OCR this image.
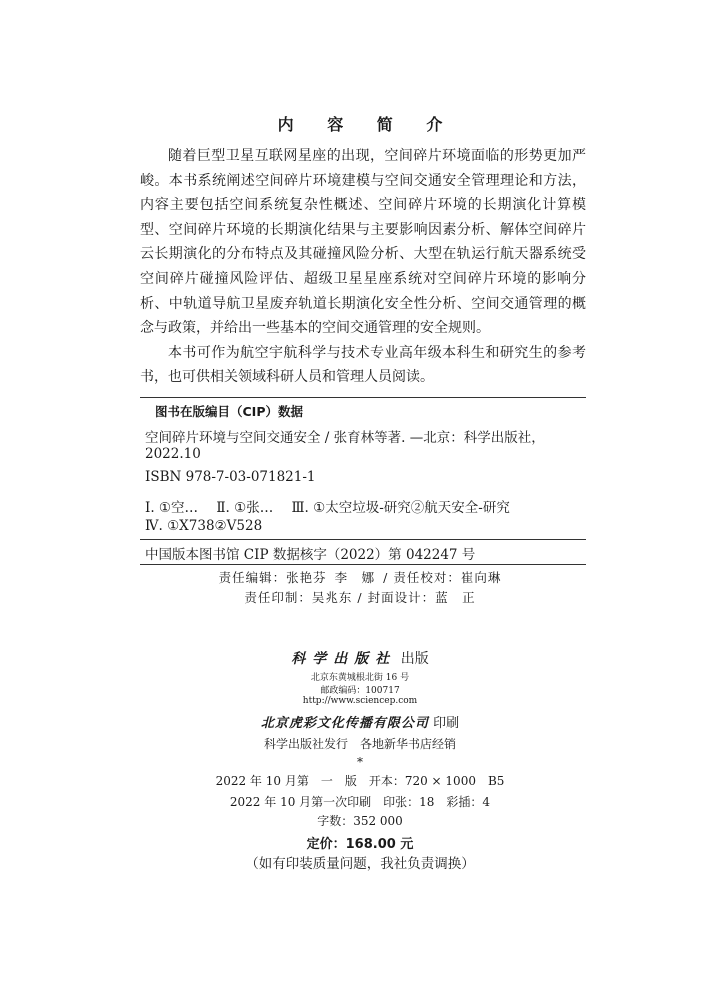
内 容 简 介

随着巨型卫星互联网星座的出现，空间碎片环境面临的形势更加严峻。本书系统阐述空间碎片环境建模与空间交通安全管理理论和方法，内容主要包括空间系统复杂性概述、空间碎片环境的长期演化计算模型、空间碎片环境的长期演化结果与主要影响因素分析、解体空间碎片云长期演化的分布特点及其碰撞风险分析、大型在轨运行航天器系统受空间碎片碰撞风险评估、超级卫星星座系统对空间碎片环境的影响分析、中轨道导航卫星废弃轨道长期演化安全性分析、空间交通管理的概念与政策，并给出一些基本的空间交通管理的安全规则。

本书可作为航空宇航科学与技术专业高年级本科生和研究生的参考书，也可供相关领域科研人员和管理人员阅读。

图书在版编目（CIP）数据
空间碎片环境与空间交通安全 / 张育林等著. —北京：科学出版社，
2022.10
ISBN 978-7-03-071821-1
Ⅰ. ①空… Ⅱ. ①张… Ⅲ. ①太空垃圾-研究②航天安全-研究
Ⅳ. ①X738②V528
中国版本图书馆 CIP 数据核字（2022）第 042247 号
责任编辑：张艳芬 李　娜 / 责任校对：崔向琳
责任印制：吴兆东 / 封面设计：蓝　正
科学出版社 出版
北京东黄城根北街 16 号
邮政编码：100717
http://www.sciencep.com
北京虎彩文化传播有限公司 印刷
科学出版社发行　各地新华书店经销
*
2022 年 10 月第　一　版　开本：720 × 1000　B5
2022 年 10 月第一次印刷　印张：18　彩插：4
字数：352 000
定价：168.00 元
（如有印装质量问题，我社负责调换）
